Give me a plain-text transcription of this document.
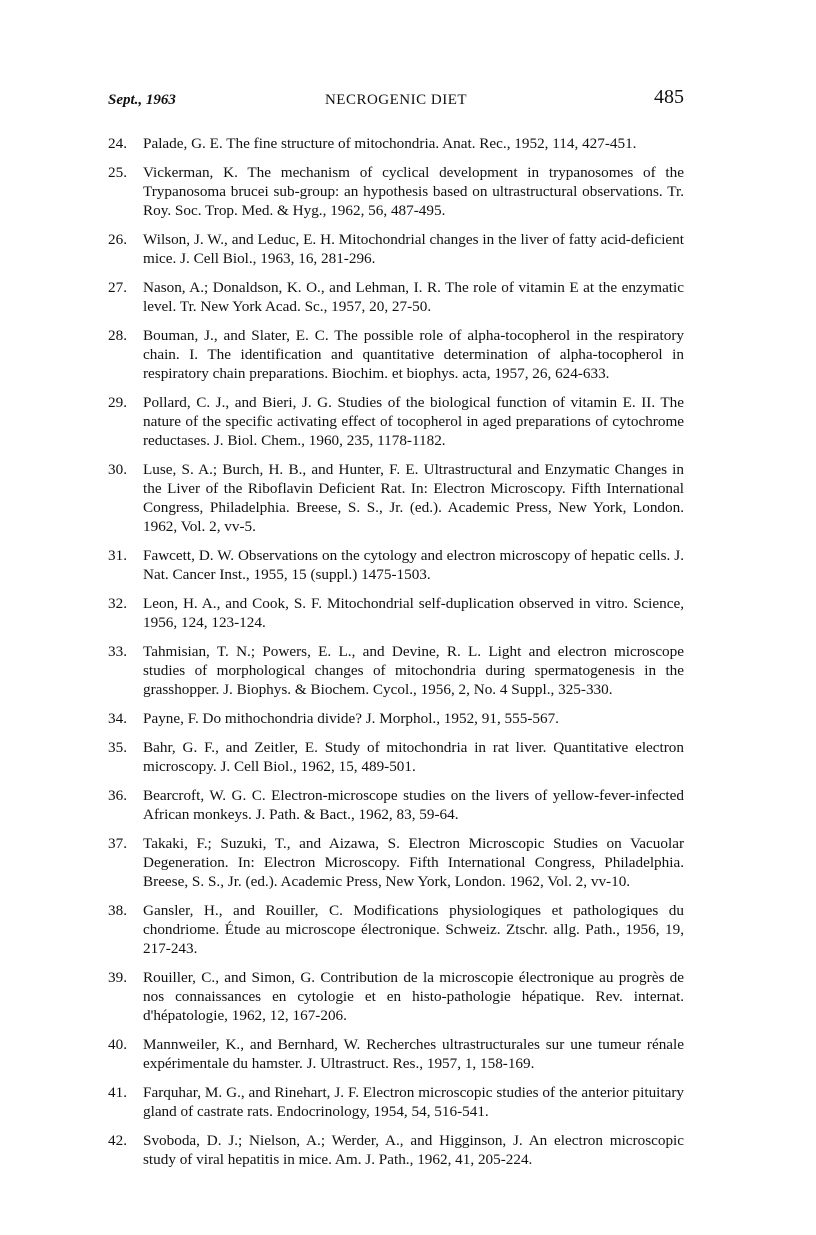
Sept., 1963	NECROGENIC DIET	485
24. Palade, G. E. The fine structure of mitochondria. Anat. Rec., 1952, 114, 427-451.
25. Vickerman, K. The mechanism of cyclical development in trypanosomes of the Trypanosoma brucei sub-group: an hypothesis based on ultrastructural observations. Tr. Roy. Soc. Trop. Med. & Hyg., 1962, 56, 487-495.
26. Wilson, J. W., and Leduc, E. H. Mitochondrial changes in the liver of fatty acid-deficient mice. J. Cell Biol., 1963, 16, 281-296.
27. Nason, A.; Donaldson, K. O., and Lehman, I. R. The role of vitamin E at the enzymatic level. Tr. New York Acad. Sc., 1957, 20, 27-50.
28. Bouman, J., and Slater, E. C. The possible role of alpha-tocopherol in the respiratory chain. I. The identification and quantitative determination of alpha-tocopherol in respiratory chain preparations. Biochim. et biophys. acta, 1957, 26, 624-633.
29. Pollard, C. J., and Bieri, J. G. Studies of the biological function of vitamin E. II. The nature of the specific activating effect of tocopherol in aged preparations of cytochrome reductases. J. Biol. Chem., 1960, 235, 1178-1182.
30. Luse, S. A.; Burch, H. B., and Hunter, F. E. Ultrastructural and Enzymatic Changes in the Liver of the Riboflavin Deficient Rat. In: Electron Microscopy. Fifth International Congress, Philadelphia. Breese, S. S., Jr. (ed.). Academic Press, New York, London. 1962, Vol. 2, vv-5.
31. Fawcett, D. W. Observations on the cytology and electron microscopy of hepatic cells. J. Nat. Cancer Inst., 1955, 15 (suppl.) 1475-1503.
32. Leon, H. A., and Cook, S. F. Mitochondrial self-duplication observed in vitro. Science, 1956, 124, 123-124.
33. Tahmisian, T. N.; Powers, E. L., and Devine, R. L. Light and electron microscope studies of morphological changes of mitochondria during spermatogenesis in the grasshopper. J. Biophys. & Biochem. Cycol., 1956, 2, No. 4 Suppl., 325-330.
34. Payne, F. Do mithochondria divide? J. Morphol., 1952, 91, 555-567.
35. Bahr, G. F., and Zeitler, E. Study of mitochondria in rat liver. Quantitative electron microscopy. J. Cell Biol., 1962, 15, 489-501.
36. Bearcroft, W. G. C. Electron-microscope studies on the livers of yellow-fever-infected African monkeys. J. Path. & Bact., 1962, 83, 59-64.
37. Takaki, F.; Suzuki, T., and Aizawa, S. Electron Microscopic Studies on Vacuolar Degeneration. In: Electron Microscopy. Fifth International Congress, Philadelphia. Breese, S. S., Jr. (ed.). Academic Press, New York, London. 1962, Vol. 2, vv-10.
38. Gansler, H., and Rouiller, C. Modifications physiologiques et pathologiques du chondriome. Étude au microscope électronique. Schweiz. Ztschr. allg. Path., 1956, 19, 217-243.
39. Rouiller, C., and Simon, G. Contribution de la microscopie électronique au progrès de nos connaissances en cytologie et en histo-pathologie hépatique. Rev. internat. d'hépatologie, 1962, 12, 167-206.
40. Mannweiler, K., and Bernhard, W. Recherches ultrastructurales sur une tumeur rénale expérimentale du hamster. J. Ultrastruct. Res., 1957, 1, 158-169.
41. Farquhar, M. G., and Rinehart, J. F. Electron microscopic studies of the anterior pituitary gland of castrate rats. Endocrinology, 1954, 54, 516-541.
42. Svoboda, D. J.; Nielson, A.; Werder, A., and Higginson, J. An electron microscopic study of viral hepatitis in mice. Am. J. Path., 1962, 41, 205-224.
